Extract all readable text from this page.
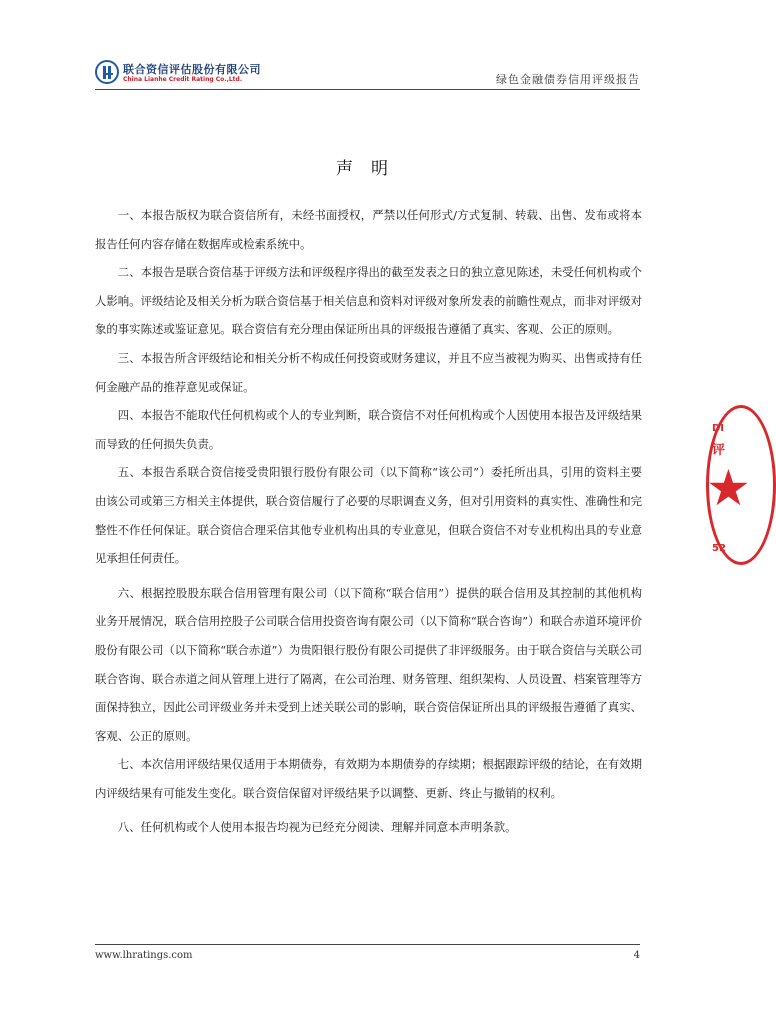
联合资信评估股份有限公司
China Lianhe Credit Rating Co.,Ltd.	绿色金融债券信用评级报告
声明

一、本报告版权为联合资信所有，未经书面授权，严禁以任何形式/方式复制、转载、出售、发布或将本报告任何内容存储在数据库或检索系统中。

二、本报告是联合资信基于评级方法和评级程序得出的截至发表之日的独立意见陈述，未受任何机构或个人影响。评级结论及相关分析为联合资信基于相关信息和资料对评级对象所发表的前瞻性观点，而非对评级对象的事实陈述或鉴证意见。联合资信有充分理由保证所出具的评级报告遵循了真实、客观、公正的原则。

三、本报告所含评级结论和相关分析不构成任何投资或财务建议，并且不应当被视为购买、出售或持有任何金融产品的推荐意见或保证。

四、本报告不能取代任何机构或个人的专业判断，联合资信不对任何机构或个人因使用本报告及评级结果而导致的任何损失负责。

五、本报告系联合资信接受贵阳银行股份有限公司（以下简称“该公司”）委托所出具，引用的资料主要由该公司或第三方相关主体提供，联合资信履行了必要的尽职调查义务，但对引用资料的真实性、准确性和完整性不作任何保证。联合资信合理采信其他专业机构出具的专业意见，但联合资信不对专业机构出具的专业意见承担任何责任。

六、根据控股股东联合信用管理有限公司（以下简称“联合信用”）提供的联合信用及其控制的其他机构业务开展情况，联合信用控股子公司联合信用投资咨询有限公司（以下简称“联合咨询”）和联合赤道环境评价股份有限公司（以下简称“联合赤道”）为贵阳银行股份有限公司提供了非评级服务。由于联合资信与关联公司联合咨询、联合赤道之间从管理上进行了隔离，在公司治理、财务管理、组织架构、人员设置、档案管理等方面保持独立，因此公司评级业务并未受到上述关联公司的影响，联合资信保证所出具的评级报告遵循了真实、客观、公正的原则。

七、本次信用评级结果仅适用于本期债券，有效期为本期债券的存续期；根据跟踪评级的结论，在有效期内评级结果有可能发生变化。联合资信保留对评级结果予以调整、更新、终止与撤销的权利。

八、任何机构或个人使用本报告均视为已经充分阅读、理解并同意本声明条款。

DI
评
★
52
www.lhratings.com	4
